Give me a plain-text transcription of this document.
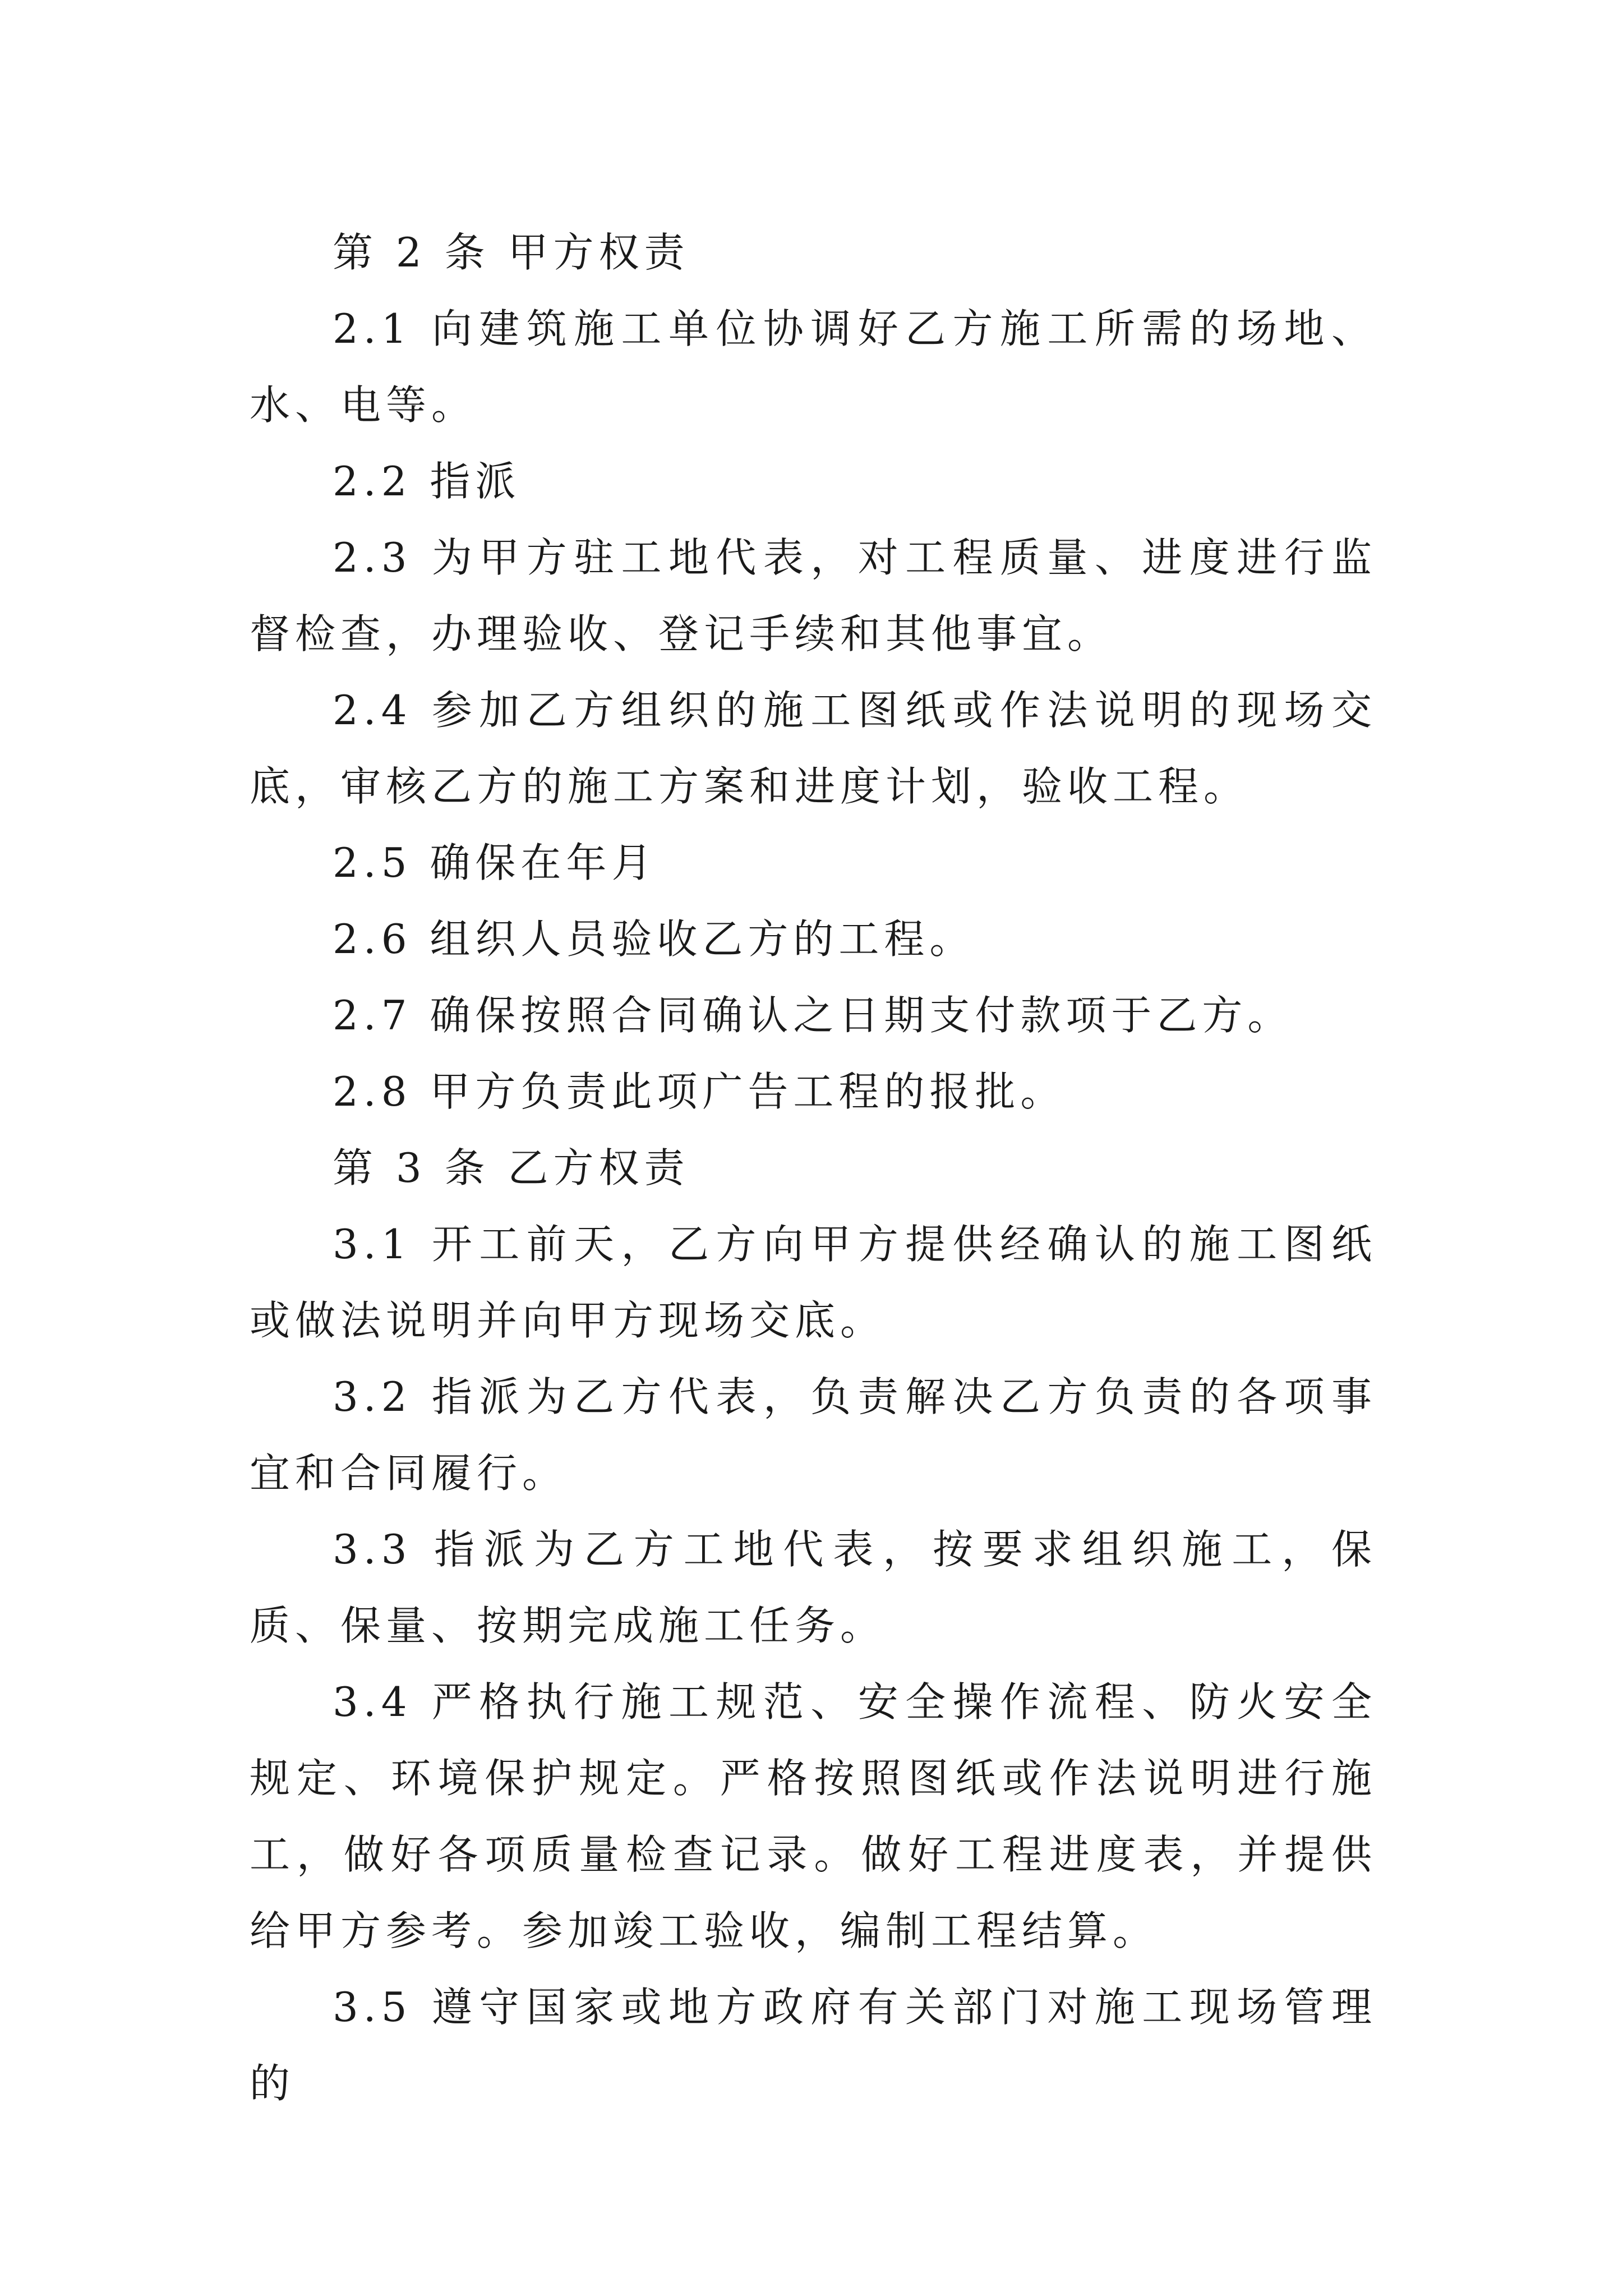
第 2 条 甲方权责

2.1 向建筑施工单位协调好乙方施工所需的场地、水、电等。

2.2 指派

2.3 为甲方驻工地代表，对工程质量、进度进行监督检查，办理验收、登记手续和其他事宜。

2.4 参加乙方组织的施工图纸或作法说明的现场交底，审核乙方的施工方案和进度计划，验收工程。

2.5 确保在年月

2.6 组织人员验收乙方的工程。

2.7 确保按照合同确认之日期支付款项于乙方。

2.8 甲方负责此项广告工程的报批。

第 3 条 乙方权责

3.1 开工前天，乙方向甲方提供经确认的施工图纸或做法说明并向甲方现场交底。

3.2 指派为乙方代表，负责解决乙方负责的各项事宜和合同履行。

3.3 指派为乙方工地代表，按要求组织施工，保质、保量、按期完成施工任务。

3.4 严格执行施工规范、安全操作流程、防火安全规定、环境保护规定。严格按照图纸或作法说明进行施工，做好各项质量检查记录。做好工程进度表，并提供给甲方参考。参加竣工验收，编制工程结算。

3.5 遵守国家或地方政府有关部门对施工现场管理的
